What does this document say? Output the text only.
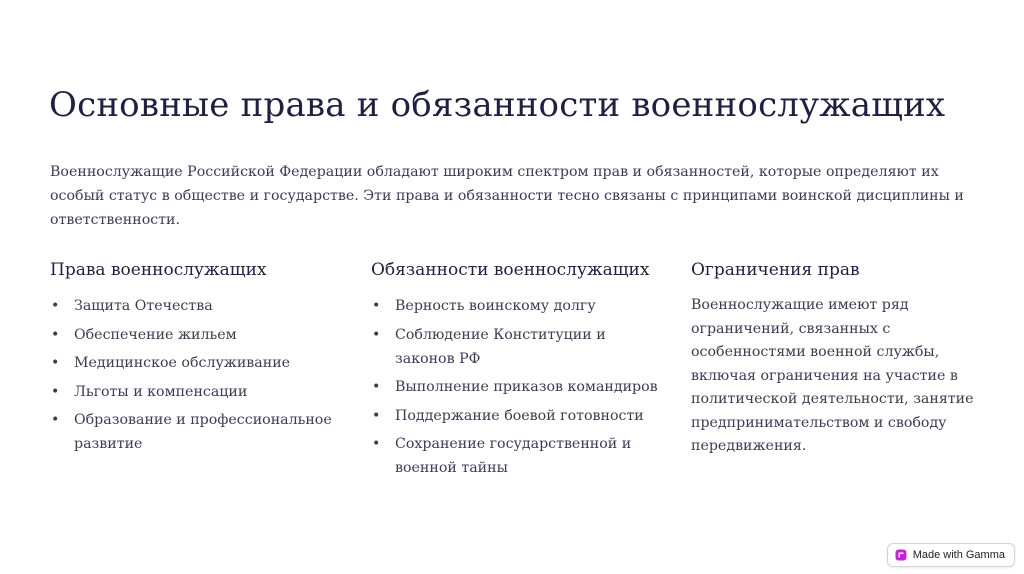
Основные права и обязанности военнослужащих

Военнослужащие Российской Федерации обладают широким спектром прав и обязанностей, которые определяют их особый статус в обществе и государстве. Эти права и обязанности тесно связаны с принципами воинской дисциплины и ответственности.

Права военнослужащих
• Защита Отечества
• Обеспечение жильем
• Медицинское обслуживание
• Льготы и компенсации
• Образование и профессиональное развитие
Обязанности военнослужащих
• Верность воинскому долгу
• Соблюдение Конституции и законов РФ
• Выполнение приказов командиров
• Поддержание боевой готовности
• Сохранение государственной и военной тайны
Ограничения прав

Военнослужащие имеют ряд ограничений, связанных с особенностями военной службы, включая ограничения на участие в политической деятельности, занятие предпринимательством и свободу передвижения.

Made with Gamma
